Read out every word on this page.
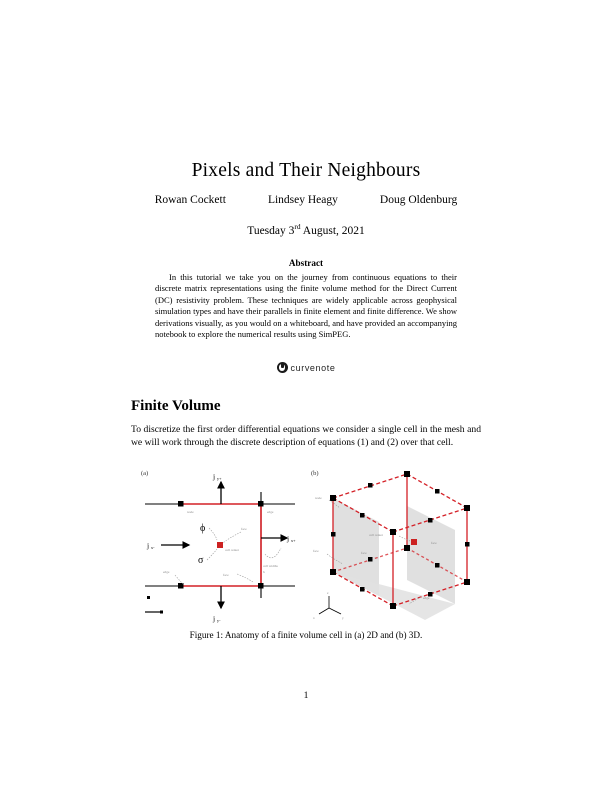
Pixels and Their Neighbours
Rowan Cockett	Lindsey Heagy	Doug Oldenburg
Tuesday 3rd August, 2021
Abstract
In this tutorial we take you on the journey from continuous equations to their discrete matrix representations using the finite volume method for the Direct Current (DC) resistivity problem. These techniques are widely applicable across geophysical simulation types and have their parallels in finite element and finite difference. We show derivations visually, as you would on a whiteboard, and have provided an accompanying notebook to explore the numerical results using SimPEG.
curvenote
Finite Volume
To discretize the first order differential equations we consider a single cell in the mesh and we will work through the discrete description of equations (1) and (2) over that cell.
j y+
j y-
j x-
j x+
ϕ
σ
cell center
face
node	edge
face
edge
cell widths
h
(a)
node
face
cell center
face
face
edge
z
x	y
(b)
Figure 1: Anatomy of a finite volume cell in (a) 2D and (b) 3D.
1
